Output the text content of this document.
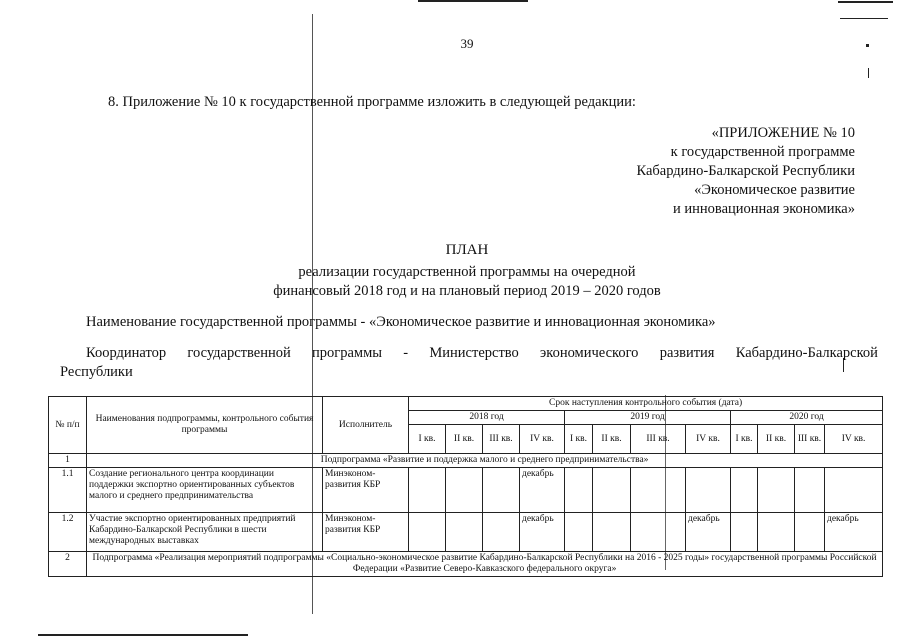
39
8. Приложение № 10 к государственной программе изложить в следующей редакции:
«ПРИЛОЖЕНИЕ № 10
к государственной программе
Кабардино-Балкарской Республики
«Экономическое развитие
и инновационная экономика»
ПЛАН
реализации государственной программы на очередной
финансовый 2018 год и на плановый период 2019 – 2020 годов
Наименование государственной программы - «Экономическое развитие и инновационная экономика»
Координатор государственной программы - Министерство экономического развития Кабардино-Балкарской
Республики
№ п/п	Наименования подпрограммы, контрольного события программы	Исполнитель	Срок наступления контрольного события (дата)											
			2018 год				2019 год				2020 год			
			I кв.	II кв.	III кв.	IV кв.	I кв.	II кв.	III кв.	IV кв.	I кв.	II кв.	III кв.	IV кв.
1	Подпрограмма «Развитие и поддержка малого и среднего предпринимательства»													
1.1	Создание регионального центра координации поддержки экспортно ориентированных субъектов малого и среднего предпринимательства	Минэконом-развития КБР				декабрь								
1.2	Участие экспортно ориентированных предприятий Кабардино-Балкарской Республики в шести международных выставках	Минэконом-развития КБР				декабрь				декабрь				декабрь
2	Подпрограмма «Реализация мероприятий подпрограммы «Социально-экономическое развитие Кабардино-Балкарской Республики на 2016 - 2025 годы» государственной программы Российской Федерации «Развитие Северо-Кавказского федерального округа»													
